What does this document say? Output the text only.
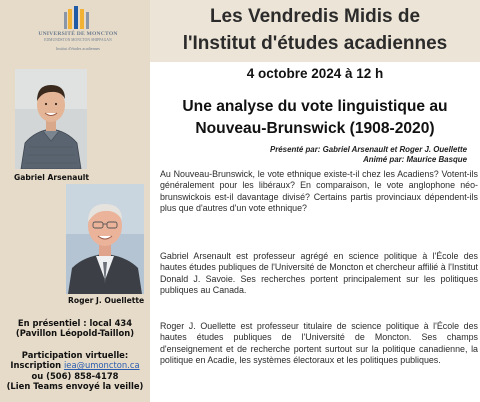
UNIVERSITÉ DE MONCTON
EDMUNDSTON MONCTON SHIPPAGAN
Institut d'études acadiennes
Gabriel Arsenault
Roger J. Ouellette
En présentiel : local 434
(Pavillon Léopold-Taillon)
Participation virtuelle:
Inscription iea@umoncton.ca
ou (506) 858-4178
(Lien Teams envoyé la veille)
Les Vendredis Midis de
l'Institut d'études acadiennes
4 octobre 2024 à 12 h
Une analyse du vote linguistique au
Nouveau-Brunswick (1908-2020)
Présenté par: Gabriel Arsenault et Roger J. Ouellette
Animé par: Maurice Basque

Au Nouveau-Brunswick, le vote ethnique existe-t-il chez les Acadiens? Votent-ils généralement pour les libéraux? En comparaison, le vote anglophone néo-brunswickois est-il davantage divisé? Certains partis provinciaux dépendent-ils plus que d'autres d'un vote ethnique?

Gabriel Arsenault est professeur agrégé en science politique à l'École des hautes études publiques de l'Université de Moncton et chercheur affilié à l'Institut Donald J. Savoie. Ses recherches portent principalement sur les politiques publiques au Canada.

Roger J. Ouellette est professeur titulaire de science politique à l'École des hautes études publiques de l'Université de Moncton. Ses champs d'enseignement et de recherche portent surtout sur la politique canadienne, la politique en Acadie, les systèmes électoraux et les politiques publiques.
